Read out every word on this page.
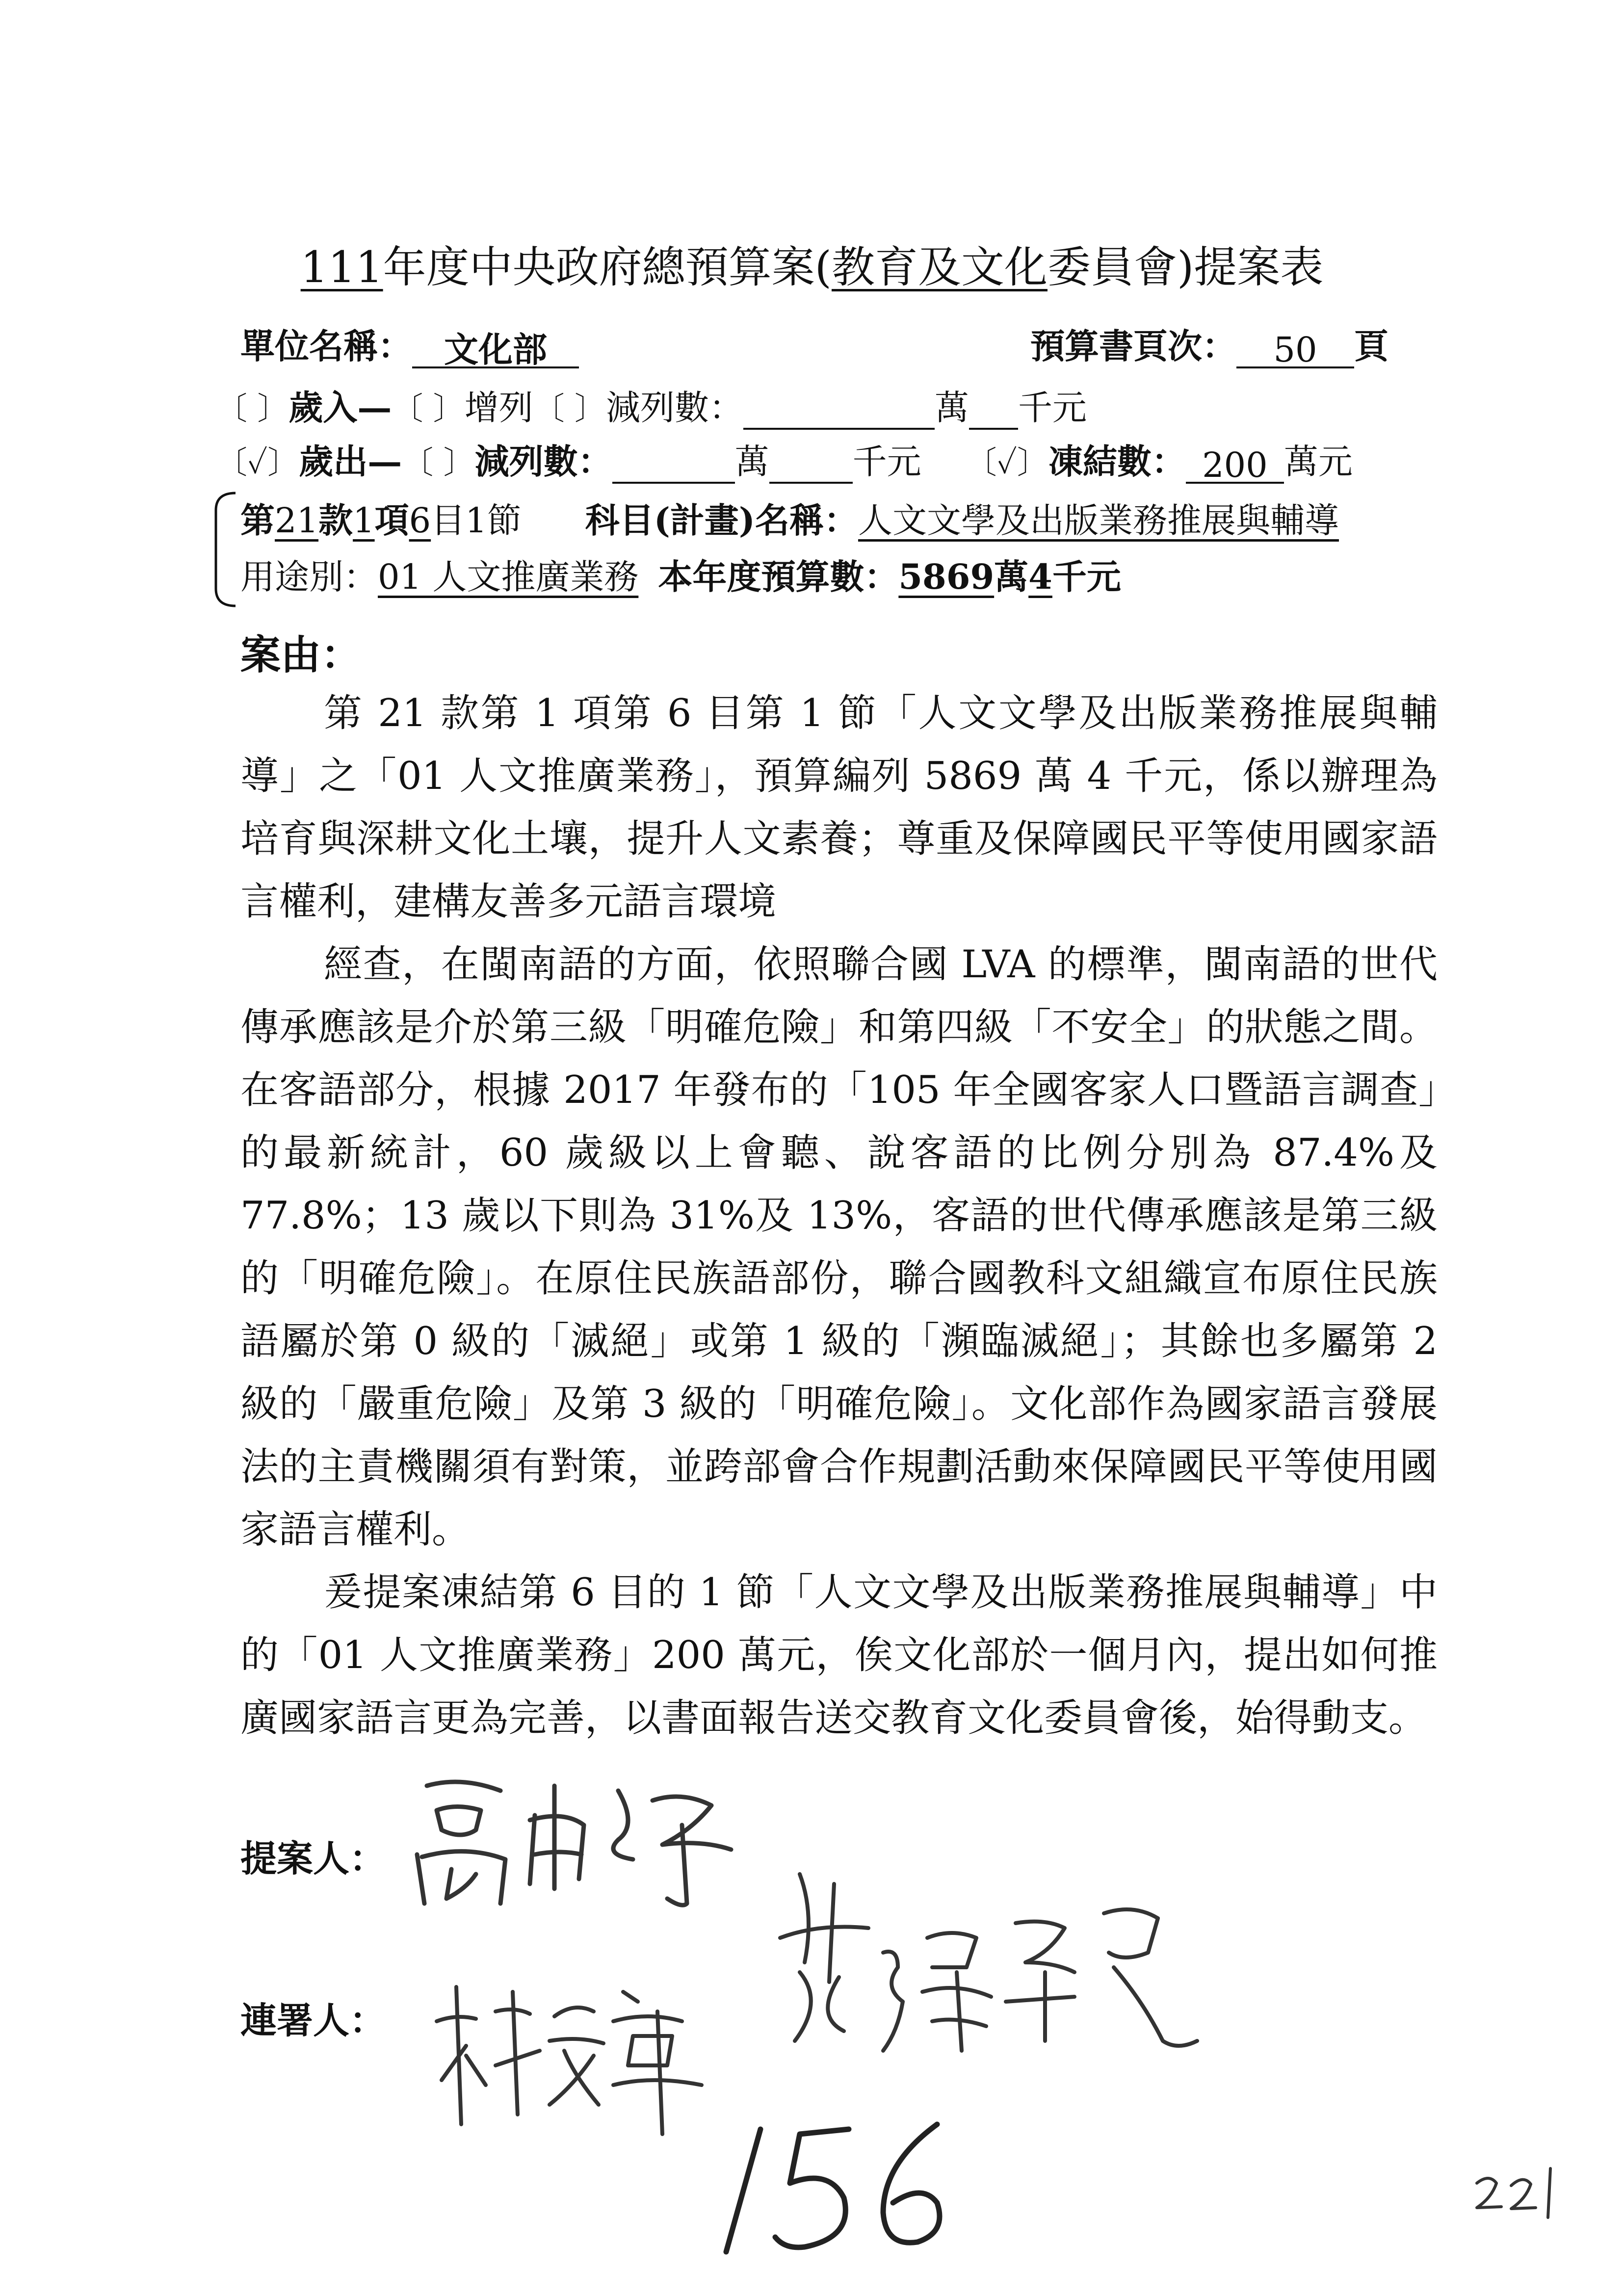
111年度中央政府總預算案(教育及文化委員會)提案表
單位名稱： 文化部	預算書頁次： 50 頁
〔 〕歲入—〔 〕增列〔 〕減列數：	萬 千元
〔✓〕歲出—〔 〕減列數：	萬 千元 〔✓〕凍結數： 200 萬元
第21款1項6目1節 科目(計畫)名稱：人文文學及出版業務推展與輔導
用途別：01 人文推廣業務 本年度預算數：5869萬4千元
案由：

第 21 款第 1 項第 6 目第 1 節「人文文學及出版業務推展與輔導」之「01 人文推廣業務」，預算編列 5869 萬 4 千元，係以辦理為培育與深耕文化土壤，提升人文素養；尊重及保障國民平等使用國家語言權利，建構友善多元語言環境

經查，在閩南語的方面，依照聯合國 LVA 的標準，閩南語的世代傳承應該是介於第三級「明確危險」和第四級「不安全」的狀態之間。在客語部分，根據 2017 年發布的「105 年全國客家人口暨語言調查」的最新統計，60 歲級以上會聽、說客語的比例分別為 87.4%及 77.8%；13 歲以下則為 31%及 13%，客語的世代傳承應該是第三級的「明確危險」。在原住民族語部份，聯合國教科文組織宣布原住民族語屬於第 0 級的「滅絕」或第 1 級的「瀕臨滅絕」；其餘也多屬第 2 級的「嚴重危險」及第 3 級的「明確危險」。文化部作為國家語言發展法的主責機關須有對策，並跨部會合作規劃活動來保障國民平等使用國家語言權利。

爰提案凍結第 6 目的 1 節「人文文學及出版業務推展與輔導」中的「01 人文推廣業務」200 萬元，俟文化部於一個月內，提出如何推廣國家語言更為完善，以書面報告送交教育文化委員會後，始得動支。

提案人：
連署人：
